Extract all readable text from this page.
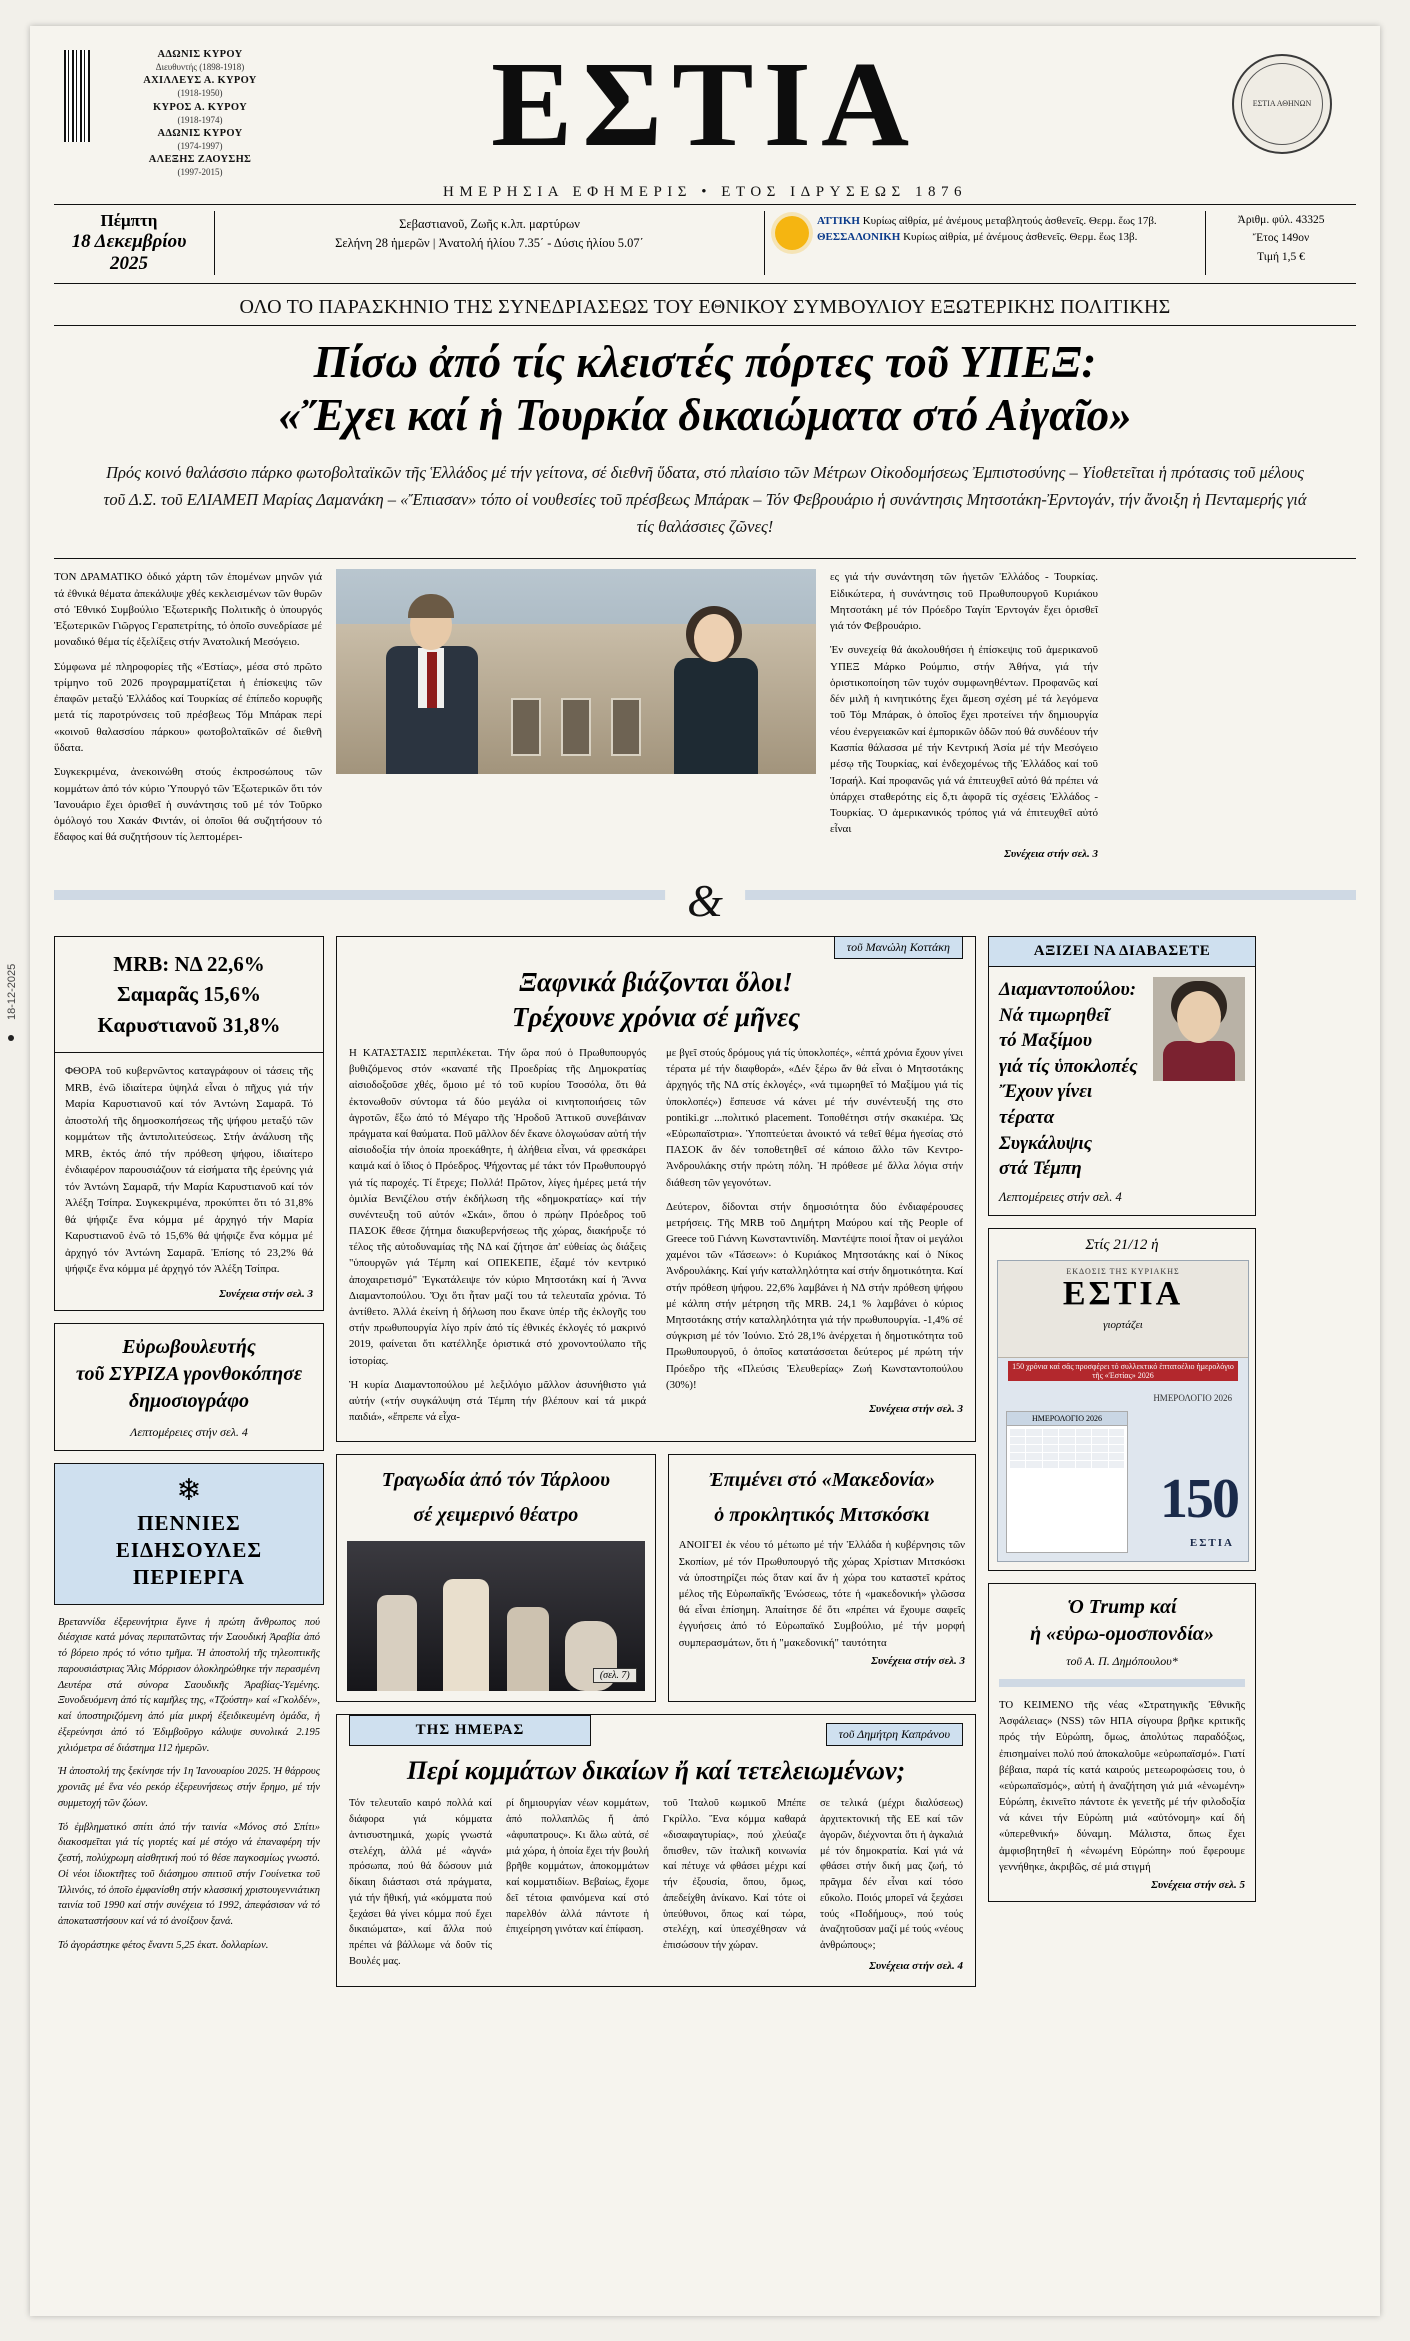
18-12-2025
ΑΔΩΝΙΣ ΚΥΡΟΥ
Διευθυντής (1898-1918)
ΑΧΙΛΛΕΥΣ Α. ΚΥΡΟΥ
(1918-1950)
ΚΥΡΟΣ Α. ΚΥΡΟΥ
(1918-1974)
ΑΔΩΝΙΣ ΚΥΡΟΥ
(1974-1997)
ΑΛΕΞΗΣ ΖΑΟΥΣΗΣ
(1997-2015)
ΕΣΤΙΑ
ΗΜΕΡΗΣΙΑ ΕΦΗΜΕΡΙΣ • ΕΤΟΣ ΙΔΡΥΣΕΩΣ 1876
ΕΣΤΙΑ ΑΘΗΝΩΝ
Πέμπτη
18 Δεκεμβρίου 2025
Σεβαστιανοῦ, Ζωῆς κ.λπ. μαρτύρων
Σελήνη 28 ἡμερῶν | Ἀνατολή ἡλίου 7.35΄ - Δύσις ἡλίου 5.07΄
ΑΤΤΙΚΗ Κυρίως αἰθρία, μέ ἀνέμους μεταβλητούς ἀσθενεῖς. Θερμ. ἕως 17β.
ΘΕΣΣΑΛΟΝΙΚΗ Κυρίως αἰθρία, μέ ἀνέμους ἀσθενεῖς. Θερμ. ἕως 13β.
Ἀριθμ. φύλ. 43325
Ἔτος 149ον
Τιμή 1,5 €
ΟΛΟ ΤΟ ΠΑΡΑΣΚΗΝΙΟ ΤΗΣ ΣΥΝΕΔΡΙΑΣΕΩΣ ΤΟΥ ΕΘΝΙΚΟΥ ΣΥΜΒΟΥΛΙΟΥ ΕΞΩΤΕΡΙΚΗΣ ΠΟΛΙΤΙΚΗΣ
Πίσω ἀπό τίς κλειστές πόρτες τοῦ ΥΠΕΞ:
«Ἔχει καί ἡ Τουρκία δικαιώματα στό Αἰγαῖο»
Πρός κοινό θαλάσσιο πάρκο φωτοβολταϊκῶν τῆς Ἑλλάδος μέ τήν γείτονα, σέ διεθνῆ ὕδατα, στό πλαίσιο τῶν Μέτρων Οἰκοδομήσεως Ἐμπιστοσύνης – Υἱοθετεῖται ἡ πρότασις τοῦ μέλους τοῦ Δ.Σ. τοῦ ΕΛΙΑΜΕΠ Μαρίας Δαμανάκη – «Ἔπιασαν» τόπο οἱ νουθεσίες τοῦ πρέσβεως Μπάρακ – Τόν Φεβρουάριο ἡ συνάντησις Μητσοτάκη-Ἐρντογάν, τήν ἄνοιξη ἡ Πενταμερής γιά τίς θαλάσσιες ζῶνες!

ΤΟΝ ΔΡΑΜΑΤΙΚΟ ὁδικό χάρτη τῶν ἑπομένων μηνῶν γιά τά ἐθνικά θέματα ἀπεκάλυψε χθές κεκλεισμένων τῶν θυρῶν στό Ἐθνικό Συμβούλιο Ἐξωτερικῆς Πολιτικῆς ὁ ὑπουργός Ἐξωτερικῶν Γιῶργος Γεραπετρίτης, τό ὁποῖο συνεδρίασε μέ μοναδικό θέμα τίς ἐξελίξεις στήν Ἀνατολική Μεσόγειο.

Σύμφωνα μέ πληροφορίες τῆς «Ἑστίας», μέσα στό πρῶτο τρίμηνο τοῦ 2026 προγραμματίζεται ἡ ἐπίσκεψις τῶν ἐπαφῶν μεταξύ Ἑλλάδος καί Τουρκίας σέ ἐπίπεδο κορυφῆς μετά τίς παροτρύνσεις τοῦ πρέσβεως Τόμ Μπάρακ περί «κοινοῦ θαλασσίου πάρκου» φωτοβολταϊκῶν σέ διεθνῆ ὕδατα.

Συγκεκριμένα, ἀνεκοινώθη στούς ἐκπροσώπους τῶν κομμάτων ἀπό τόν κύριο Ὑπουργό τῶν Ἐξωτερικῶν ὅτι τόν Ἰανουάριο ἔχει ὁρισθεῖ ἡ συνάντησις τοῦ μέ τόν Τοῦρκο ὁμόλογό του Χακάν Φιντάν, οἱ ὁποῖοι θά συζητήσουν τό ἔδαφος καί θά συζητήσουν τίς λεπτομέρει-

ες γιά τήν συνάντηση τῶν ἡγετῶν Ἑλλάδος - Τουρκίας. Εἰδικώτερα, ἡ συνάντησις τοῦ Πρωθυπουργοῦ Κυριάκου Μητσοτάκη μέ τόν Πρόεδρο Ταγίπ Ἐρντογάν ἔχει ὁρισθεῖ γιά τόν Φεβρουάριο.

Ἐν συνεχείᾳ θά ἀκολουθήσει ἡ ἐπίσκεψις τοῦ ἀμερικανοῦ ΥΠΕΞ Μάρκο Ρούμπιο, στήν Ἀθήνα, γιά τήν ὁριστικοποίηση τῶν τυχόν συμφωνηθέντων. Προφανῶς καί δέν μιλῆ ἡ κινητικότης ἔχει ἄμεση σχέση μέ τά λεγόμενα τοῦ Τόμ Μπάρακ, ὁ ὁποῖος ἔχει προτείνει τήν δημιουργία νέου ἐνεργειακῶν καί ἐμπορικῶν ὁδῶν πού θά συνδέουν τήν Κασπία θάλασσα μέ τήν Κεντρική Ἀσία μέ τήν Μεσόγειο μέσῳ τῆς Τουρκίας, καί ἐνδεχομένως τῆς Ἑλλάδος καί τοῦ Ἰσραήλ. Καί προφανῶς γιά νά ἐπιτευχθεῖ αὐτό θά πρέπει νά ὑπάρχει σταθερότης εἰς δ,τι ἀφορᾶ τίς σχέσεις Ἑλλάδος - Τουρκίας. Ὁ ἀμερικανικός τρόπος γιά νά ἐπιτευχθεῖ αὐτό εἶναι

Συνέχεια στήν σελ. 3
&
MRB: ΝΔ 22,6%
Σαμαρᾶς 15,6%
Καρυστιανοῦ 31,8%
ΦΘΟΡΑ τοῦ κυβερνῶντος καταγράφουν οἱ τάσεις τῆς MRB, ἐνῶ ἰδιαίτερα ὑψηλά εἶναι ὁ πῆχυς γιά τήν Μαρία Καρυστιανοῦ καί τόν Ἀντώνη Σαμαρᾶ. Τό ἀποστολή τῆς δημοσκοπήσεως τῆς ψήφου μεταξύ τῶν κομμάτων τῆς ἀντιπολιτεύσεως. Στήν ἀνάλυση τῆς MRB, ἐκτός ἀπό τήν πρόθεση ψήφου, ἰδιαίτερο ἐνδιαφέρον παρουσιάζουν τά εἰσήματα τῆς ἐρεύνης γιά τόν Ἀντώνη Σαμαρᾶ, τήν Μαρία Καρυστιανοῦ καί τόν Ἀλέξη Τσίπρα. Συγκεκριμένα, προκύπτει ὅτι τό 31,8% θά ψήφιζε ἕνα κόμμα μέ ἀρχηγό τήν Μαρία Καρυστιανοῦ ἐνῶ τό 15,6% θά ψήφιζε ἕνα κόμμα μέ ἀρχηγό τόν Ἀντώνη Σαμαρᾶ. Ἐπίσης τό 23,2% θά ψήφιζε ἕνα κόμμα μέ ἀρχηγό τόν Ἀλέξη Τσίπρα.
Συνέχεια στήν σελ. 3
Εὐρωβουλευτής
τοῦ ΣΥΡΙΖΑ γρονθοκόπησε
δημοσιογράφο
Λεπτομέρειες στήν σελ. 4
❄
ΠΕΝΝΙΕΣ
ΕΙΔΗΣΟΥΛΕΣ
ΠΕΡΙΕΡΓΑ

Βρεταννίδα ἐξερευνήτρια ἔγινε ἡ πρώτη ἄνθρωπος πού διέσχισε κατά μόνας περιπατῶντας τήν Σαουδική Ἀραβία ἀπό τό βόρειο πρός τό νότιο τμῆμα. Ἡ ἀποστολή τῆς τηλεοπτικῆς παρουσιάστριας Ἄλις Μόρρισον ὁλοκληρώθηκε τήν περασμένη Δευτέρα στά σύνορα Σαουδικῆς Ἀραβίας-Ὑεμένης. Ξυνοδευόμενη ἀπό τίς καμῆλες της, «Τζούστη» καί «Γκολδέν», καί ὑποστηριζόμενη ἀπό μία μικρή ἐξειδικευμένη ὁμάδα, ἡ ἐξερεύνησι ἀπό τό Ἐδιμβοῦργο κάλυψε συνολικά 2.195 χιλιόμετρα σέ διάστημα 112 ἡμερῶν.

Ἡ ἀποστολή της ξεκίνησε τήν 1η Ἰανουαρίου 2025. Ἡ θάρρους χρονιᾶς μέ ἕνα νέο ρεκόρ ἐξερευνήσεως στήν ἔρημο, μέ τήν συμμετοχή τῶν ζώων.

Τό ἐμβληματικό σπίτι ἀπό τήν ταινία «Μόνος στό Σπίτι» διακοσμεῖται γιά τίς γιορτές καί μέ στόχο νά ἐπαναφέρη τήν ζεστή, πολύχρωμη αἰσθητική πού τό θέσε παγκοσμίως γνωστό. Οἱ νέοι ἰδιοκτῆτες τοῦ διάσημου σπιτιοῦ στήν Γουίνετκα τοῦ Ἰλλινόις, τό ὁποῖο ἐμφανίσθη στήν κλασσική χριστουγεννιάτικη ταινία τοῦ 1990 καί στήν συνέχεια τό 1992, ἀπεφάσισαν νά τό ἀποκαταστήσουν καί νά τό ἀνοίξουν ξανά.

Τό ἀγοράστηκε φέτος ἔναντι 5,25 ἑκατ. δολλαρίων.

τοῦ Μανώλη Κοττάκη
Ξαφνικά βιάζονται ὅλοι!
Τρέχουνε χρόνια σέ μῆνες

Η ΚΑΤΑΣΤΑΣΙΣ περιπλέκεται. Τήν ὥρα πού ὁ Πρωθυπουργός βυθιζόμενος στόν «καναπέ τῆς Προεδρίας τῆς Δημοκρατίας αἰσιοδοξοῦσε χθές, ὅμοιο μέ τό τοῦ κυρίου Τσοσόλα, ὅτι θά ἐκτονωθοῦν σύντομα τά δύο μεγάλα οἱ κινητοποιήσεις τῶν ἀγροτῶν, ἔξω ἀπό τό Μέγαρο τῆς Ἡροδοῦ Ἀττικοῦ συνεβάιναν πράγματα καί θαύματα. Ποῦ μᾶλλον δέν ἔκανε ὁλογωύσαν αὐτή τήν αἰσιοδοξία τήν ὁποία προεκάθητε, ἡ ἀλήθεια εἶναι, νά φρεσκάρει καιμά καί ὁ ἴδιος ὁ Πρόεδρος. Ψήχοντας μέ τάκτ τόν Πρωθυπουργό γιά τίς παροχές. Τί ἔτρεχε; Πολλά! Πρῶτον, λίγες ἡμέρες μετά τήν ὁμιλία Βενιζέλου στήν ἐκδήλωση τῆς «δημοκρατίας» καί τήν συνέντευξη τοῦ αὐτόν «Σκάι», ὅπου ὁ πρώην Πρόεδρος τοῦ ΠΑΣΟΚ ἔθεσε ζήτημα διακυβερνήσεως τῆς χώρας, διακήρυξε τό τέλος τῆς αὐτοδυναμίας τῆς ΝΔ καί ζήτησε ἀπ' εὐθείας ὡς διάξεις "ὑπουργῶν γιά Τέμπη καί ΟΠΕΚΕΠΕ, ἐξαμέ τόν κεντρικό ἀποχαιρετισμό" Ἐγκατάλειψε τόν κύριο Μητσοτάκη καί ἡ Ἄννα Διαμαντοπούλου. Ὅχι ὅτι ἦταν μαζί του τά τελευταῖα χρόνια. Τό ἀντίθετο. Ἀλλά ἐκείνη ἡ δήλωση που ἔκανε ὑπέρ τῆς ἐκλογῆς του στήν πρωθυπουργία λίγο πρίν ἀπό τίς ἐθνικές ἐκλογές τό μακρινό 2019, φαίνεται ὅτι κατέλληξε ὁριστικά στό χρονοντούλαπο τῆς ἱστορίας.

Ἡ κυρία Διαμαντοπούλου μέ λεξιλόγιο μᾶλλον ἀσυνήθιστο γιά αὐτήν («τήν συγκάλυψη στά Τέμπη τήν βλέπουν καί τά μικρά παιδιά», «ἔπρεπε νά εἶχα-

με βγεῖ στούς δρόμους γιά τίς ὑποκλοπές», «ἐπτά χρόνια ἔχουν γίνει τέρατα μέ τήν διαφθορά», «Δέν ξέρω ἄν θά εἶναι ὁ Μητσοτάκης ἀρχηγός τῆς ΝΔ στίς ἐκλογές», «νά τιμωρηθεῖ τό Μαξίμου γιά τίς ὑποκλοπές») ἔσπευσε νά κάνει μέ τήν συνέντευξή της στο pontiki.gr ...πολιτικό placement. Τοποθέτησι στήν σκακιέρα. Ὡς «Εὐρωπαϊστρια». Ὑποπτεύεται ἀνοικτό νά τεθεῖ θέμα ἡγεσίας στό ΠΑΣΟΚ ἄν δέν τοποθετηθεῖ σέ κάποιο ἄλλο τῶν Κεντρο-Ἀνδρουλάκης στήν πρώτη πόλη. Ἡ πρόθεσε μέ ἄλλα λόγια στήν διάθεση τῶν γεγονότων.

Δεύτερον, δίδονται στήν δημοσιότητα δύο ἐνδιαφέρουσες μετρήσεις. Τῆς MRB τοῦ Δημήτρη Μαύρου καί τῆς People of Greece τοῦ Γιάννη Κωνσταντινίδη. Μαντέψτε ποιοί ἦταν οἱ μεγάλοι χαμένοι τῶν «Τάσεων»: ὁ Κυριάκος Μητσοτάκης καί ὁ Νίκος Ἀνδρουλάκης. Καί γιήν καταλληλότητα καί στήν δημοτικότητα. Καί στήν πρόθεση ψήφου. 22,6% λαμβάνει ἡ ΝΔ στήν πρόθεση ψήφου μέ κάλπη στήν μέτρηση τῆς MRB. 24,1 % λαμβάνει ὁ κύριος Μητσοτάκης στήν καταλληλότητα γιά τήν πρωθυπουργία. -1,4% σέ σύγκριση μέ τόν Ἰούνιο. Στό 28,1% ἀνέρχεται ἡ δημοτικότητα τοῦ Πρωθυπουργοῦ, ὁ ὁποῖος κατατάσσεται δεύτερος μέ πρώτη τήν Πρόεδρο τῆς «Πλεύσις Ἐλευθερίας» Ζωή Κωνσταντοπούλου (30%)!

Συνέχεια στήν σελ. 3

Τραγωδία ἀπό τόν Τάρλοου
σέ χειμερινό θέατρο
(σελ. 7)
Ἐπιμένει στό «Μακεδονία»
ὁ προκλητικός Μιτσκόσκι
ΑΝΟΙΓΕΙ ἐκ νέου τό μέτωπο μέ τήν Ἑλλάδα ἡ κυβέρνησις τῶν Σκοπίων, μέ τόν Πρωθυπουργό τῆς χώρας Χρίστιαν Μιτσκόσκι νά ὑποστηρίζει πώς ὅταν καί ἄν ἡ χώρα του καταστεῖ κράτος μέλος τῆς Εὐρωπαϊκῆς Ἑνώσεως, τότε ἡ «μακεδονική» γλῶσσα θά εἶναι ἐπίσημη. Ἀπαίτησε δέ ὅτι «πρέπει νά ἔχουμε σαφεῖς ἐγγυήσεις ἀπό τό Εὐρωπαϊκό Συμβούλιο, μέ τήν μορφή συμπερασμάτων, ὅτι ἡ "μακεδονική" ταυτότητα
Συνέχεια στήν σελ. 3
ΤΗΣ ΗΜΕΡΑΣ	τοῦ Δημήτρη Καπράνου
Περί κομμάτων δικαίων ἤ καί τετελειωμένων;
Τόν τελευταῖο καιρό πολλά καί διάφορα γιά κόμματα ἀντισυστημικά, χωρίς γνωστά στελέχη, ἀλλά μέ «ἀγνά» πρόσωπα, πού θά δώσουν μιά δίκαιη διάστασι στά πράγματα, γιά τήν ἤθική, γιά «κόμματα πού ξεχάσει θά γίνει κόμμα πού ἔχει δικαιώματα», καί ἄλλα πού πρέπει νά βάλλωμε νά δοῦν τίς Βουλές μας.
ρί δημιουργίαν νέων κομμάτων, ἀπό πολλαπλῶς ἤ ἀπό «ἀφυπατρους». Κι ἄλω αὐτά, σέ μιά χώρα, ἡ ὁποία ἔχει τήν βουλή βρῆθε κομμάτων, ἀποκομμάτων καί κομματιδίων. Βεβαίως, ἔχομε δεῖ τέτοια φαινόμενα καί στό παρελθόν ἀλλά πάντοτε ἡ ἐπιχείρηση γινόταν καί ἐπίφαση.
τοῦ Ἰταλοῦ κωμικοῦ Μπέπε Γκρίλλο. Ἕνα κόμμα καθαρά «δισαφαγτυρίας», πού χλεύαζε ὅπισθεν, τῶν ἰταλικῆ κοινωνία καί πέτυχε νά φθάσει μέχρι καί τήν ἐξουσία, ὅπου, ὅμως, ἀπεδείχθη ἀνίκανο. Καί τότε οἱ ὑπεύθυνοι, ὅπως καί τώρα, στελέχη, καί ὑπεσχέθησαν νά ἐπισώσουν τήν χώραν.
σε τελικά (μέχρι διαλύσεως) ἀρχιτεκτονική τῆς ΕΕ καί τῶν ἀγορῶν, διέχνονται ὅτι ἡ ἀγκαλιά μέ τόν δημοκρατία. Καί γιά νά φθάσει στήν δική μας ζωή, τό πρᾶγμα δέν εἶναι καί τόσο εὔκολο. Ποιός μπορεῖ νά ξεχάσει τούς «Ποδήμους», πού τούς ἀναζητοῦσαν μαζί μέ τούς «νέους ἀνθρώπους»;
Συνέχεια στήν σελ. 4
ΑΞΙΖΕΙ ΝΑ ΔΙΑΒΑΣΕΤΕ
Διαμαντοπούλου:
Νά τιμωρηθεῖ
τό Μαξίμου
γιά τίς ὑποκλοπές
Ἔχουν γίνει
τέρατα
Συγκάλυψις
στά Τέμπη
Λεπτομέρειες στήν σελ. 4
Στίς 21/12 ἡ
ΕΚΔΟΣΙΣ ΤΗΣ ΚΥΡΙΑΚΗΣ
ΕΣΤΙΑ
γιορτάζει
150 χρόνια καί σᾶς προσφέρει τό συλλεκτικό ἑπτατοέλιο ἡμερολόγιο τῆς «Ἑστίας» 2026
ΗΜΕΡΟΛΟΓΙΟ 2026
ΗΜΕΡΟΛΟΓΙΟ 2026
150
ΕΣΤΙΑ
Ὁ Trump καί
ἡ «εὐρω-ομοσπονδία»
τοῦ Α. Π. Δημόπουλου*
ΤΟ ΚΕΙΜΕΝΟ τῆς νέας «Στρατηγικῆς Ἐθνικῆς Ἀσφάλειας» (NSS) τῶν ΗΠΑ σίγουρα βρῆκε κριτικῆς πρός τήν Εὐρώπη, ὅμως, ἀπολύτως παραδόξως, ἐπισημαίνει πολύ πού ἀποκαλοῦμε «εὐρωπαϊσμό». Γιατί βέβαια, παρά τίς κατά καιρούς μετεωροφώσεις του, ὁ «εὐρωπαϊσμός», αὐτή ἡ ἀναζήτηση γιά μιά «ἑνωμένη» Εὐρώπη, ἐκινεῖτο πάντοτε ἐκ γενετῆς μέ τήν φιλοδοξία νά κάνει τήν Εὐρώπη μιά «αὐτόνομη» καί δή «ὑπερεθνική» δύναμη. Μάλιστα, ὅπως ἔχει ἀμφισβητηθεῖ ἡ «ἑνωμένη Εὐρώπη» πού ἔφερουμε γεννήθηκε, ἀκριβῶς, σέ μιά στιγμή
Συνέχεια στήν σελ. 5
